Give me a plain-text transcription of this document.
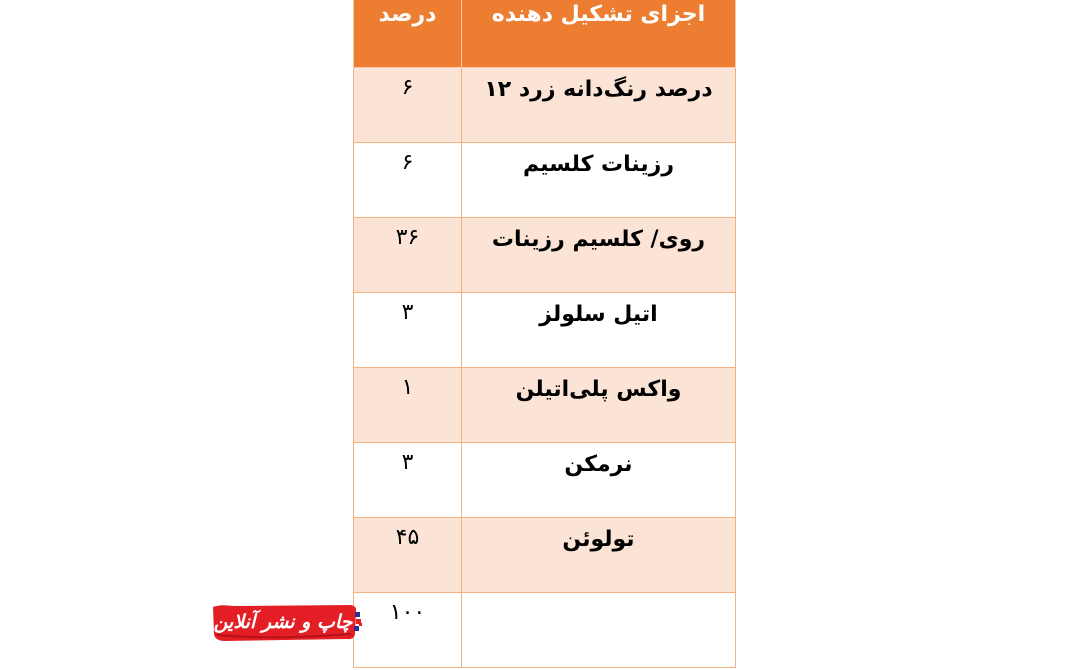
اجزای تشکیل دهنده	درصد
درصد رنگ‌دانه زرد ۱۲	۶
رزینات کلسیم	۶
روی/ کلسیم رزینات	۳۶
اتیل سلولز	۳
واکس پلی‌اتیلن	۱
نرمکن	۳
تولوئن	۴۵
	۱۰۰
چاپ و نشر آنلاین
